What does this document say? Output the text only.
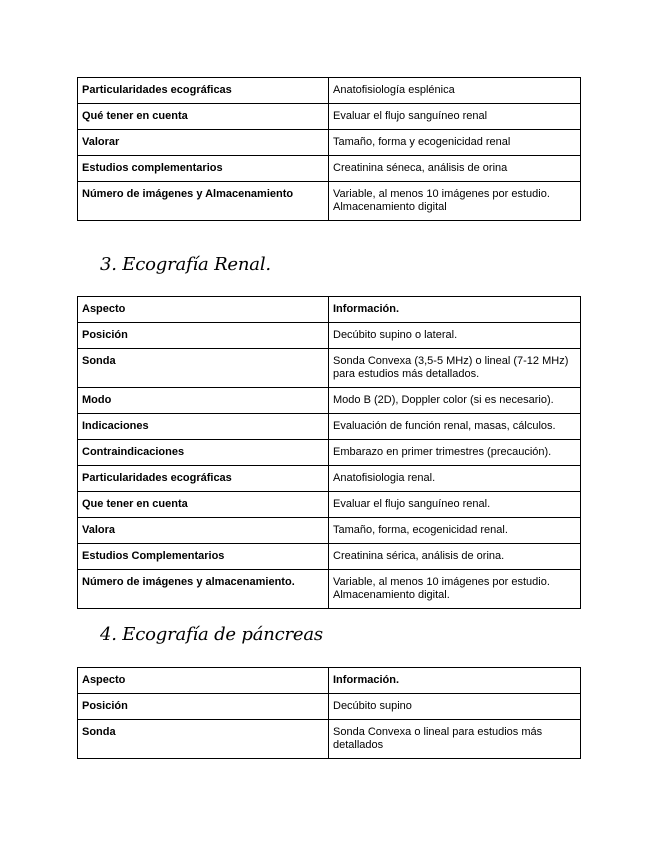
Particularidades ecográficas	Anatofisiología esplénica
Qué tener en cuenta	Evaluar el flujo sanguíneo renal
Valorar	Tamaño, forma y ecogenicidad renal
Estudios complementarios	Creatinina séneca, análisis de orina
Número de imágenes y Almacenamiento	Variable, al menos 10 imágenes por estudio. Almacenamiento digital
3. Ecografía Renal.
Aspecto	Información.
Posición	Decúbito supino o lateral.
Sonda	Sonda Convexa (3,5-5 MHz) o lineal (7-12 MHz) para estudios más detallados.
Modo	Modo B (2D), Doppler color (si es necesario).
Indicaciones	Evaluación de función renal, masas, cálculos.
Contraindicaciones	Embarazo en primer trimestres (precaución).
Particularidades ecográficas	Anatofisiologia renal.
Que tener en cuenta	Evaluar el flujo sanguíneo renal.
Valora	Tamaño, forma, ecogenicidad renal.
Estudios Complementarios	Creatinina sérica, análisis de orina.
Número de imágenes y almacenamiento.	Variable, al menos 10 imágenes por estudio. Almacenamiento digital.
4. Ecografía de páncreas
Aspecto	Información.
Posición	Decúbito supino
Sonda	Sonda Convexa o lineal para estudios más detallados
